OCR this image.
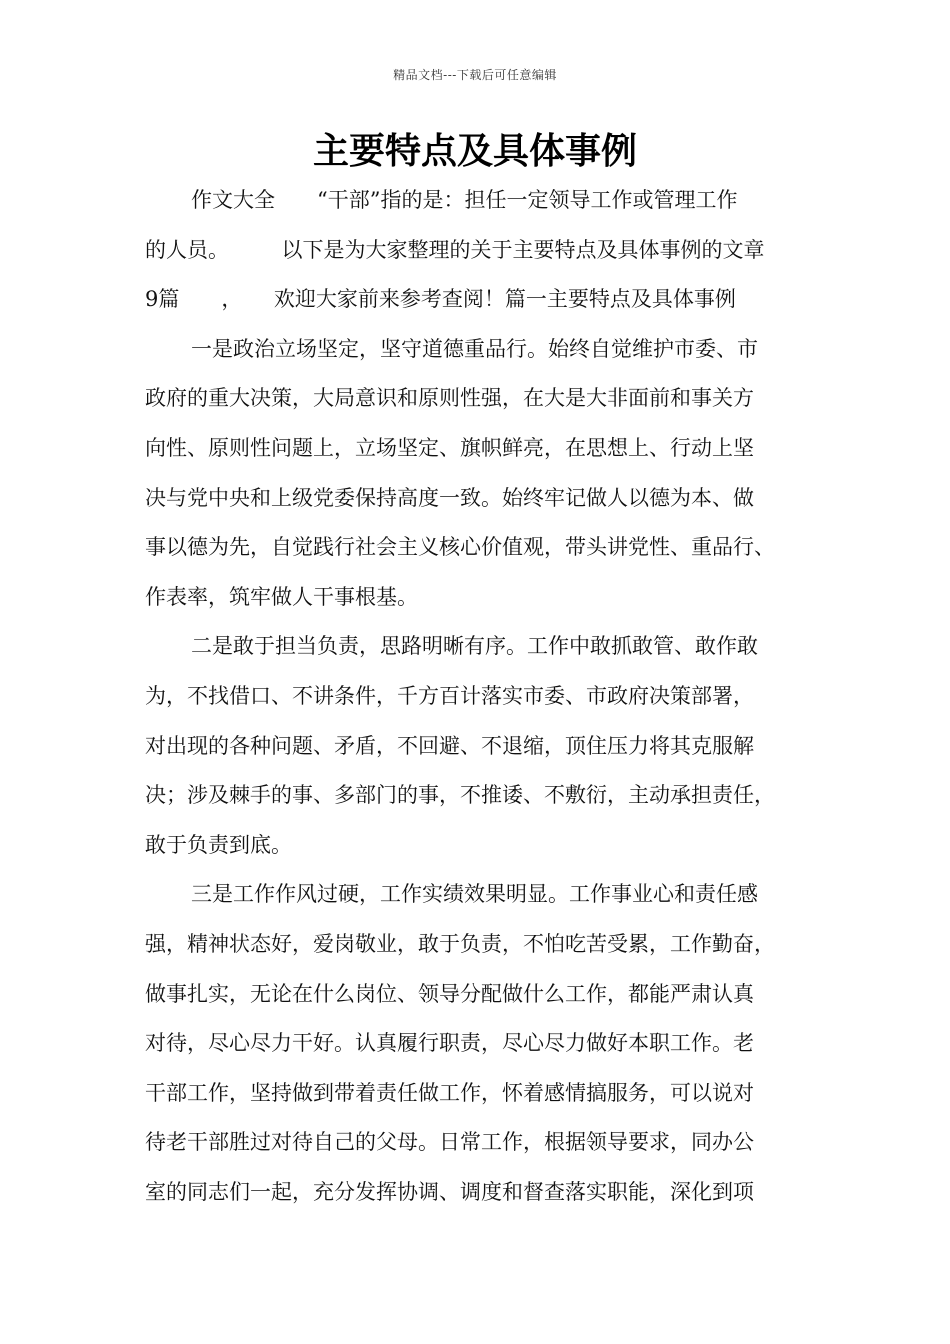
精品文档---下载后可任意编辑
主要特点及具体事例
作文大全　　“干部”指的是：担任一定领导工作或管理工作
的人员。　　　以下是为大家整理的关于主要特点及具体事例的文章
9篇　　，　　欢迎大家前来参考查阅！篇一主要特点及具体事例
一是政治立场坚定，坚守道德重品行。始终自觉维护市委、市
政府的重大决策，大局意识和原则性强，在大是大非面前和事关方
向性、原则性问题上，立场坚定、旗帜鲜亮，在思想上、行动上坚
决与党中央和上级党委保持高度一致。始终牢记做人以德为本、做
事以德为先，自觉践行社会主义核心价值观，带头讲党性、重品行、
作表率，筑牢做人干事根基。
二是敢于担当负责，思路明晰有序。工作中敢抓敢管、敢作敢
为，不找借口、不讲条件，千方百计落实市委、市政府决策部署，
对出现的各种问题、矛盾，不回避、不退缩，顶住压力将其克服解
决；涉及棘手的事、多部门的事，不推诿、不敷衍，主动承担责任，
敢于负责到底。
三是工作作风过硬，工作实绩效果明显。工作事业心和责任感
强，精神状态好，爱岗敬业，敢于负责，不怕吃苦受累，工作勤奋，
做事扎实，无论在什么岗位、领导分配做什么工作，都能严肃认真
对待，尽心尽力干好。认真履行职责，尽心尽力做好本职工作。老
干部工作，坚持做到带着责任做工作，怀着感情搞服务，可以说对
待老干部胜过对待自己的父母。日常工作，根据领导要求，同办公
室的同志们一起，充分发挥协调、调度和督查落实职能，深化到项
